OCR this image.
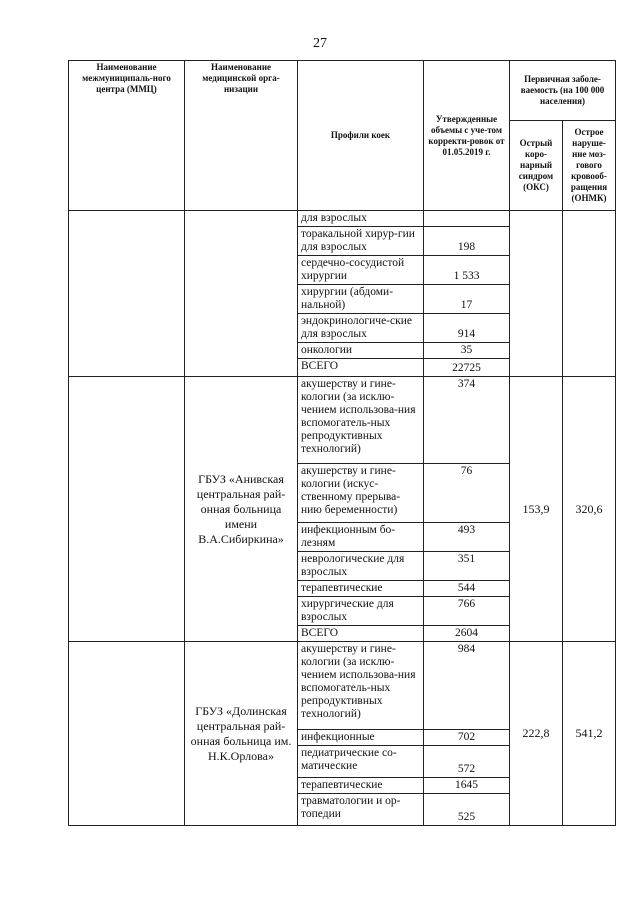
27
Наименование межмуниципаль-ного центра (ММЦ)	Наименование медицинской орга-низации	Профили коек	Утвержденные объемы с уче-том корректи-ровок от 01.05.2019 г.	Первичная заболе-ваемость (на 100 000 населения)	
				Острый коро-нарный синдром (ОКС)	Острое наруше-ние моз-гового кровооб-ращения (ОНМК)
		для взрослых			
		торакальной хирур-гии для взрослых	198		
		сердечно-сосудистой хирургии	1 533		
		хирургии (абдоми-нальной)	17		
		эндокринологиче-ские для взрослых	914		
		онкологии	35		
		ВСЕГО	22725		
	ГБУЗ «Анивская центральная рай-онная больница имени В.А.Сибиркина»	акушерству и гине-кологии (за исклю-чением использова-ния вспомогатель-ных репродуктивных технологий)	374	153,9	320,6
		акушерству и гине-кологии (искус-ственному прерыва-нию беременности)	76		
		инфекционным бо-лезням	493		
		неврологические для взрослых	351		
		терапевтические	544		
		хирургические для взрослых	766		
		ВСЕГО	2604		
	ГБУЗ «Долинская центральная рай-онная больница им. Н.К.Орлова»	акушерству и гине-кологии (за исклю-чением использова-ния вспомогатель-ных репродуктивных технологий)	984	222,8	541,2
		инфекционные	702		
		педиатрические со-матические	572		
		терапевтические	1645		
		травматологии и ор-топедии	525		
